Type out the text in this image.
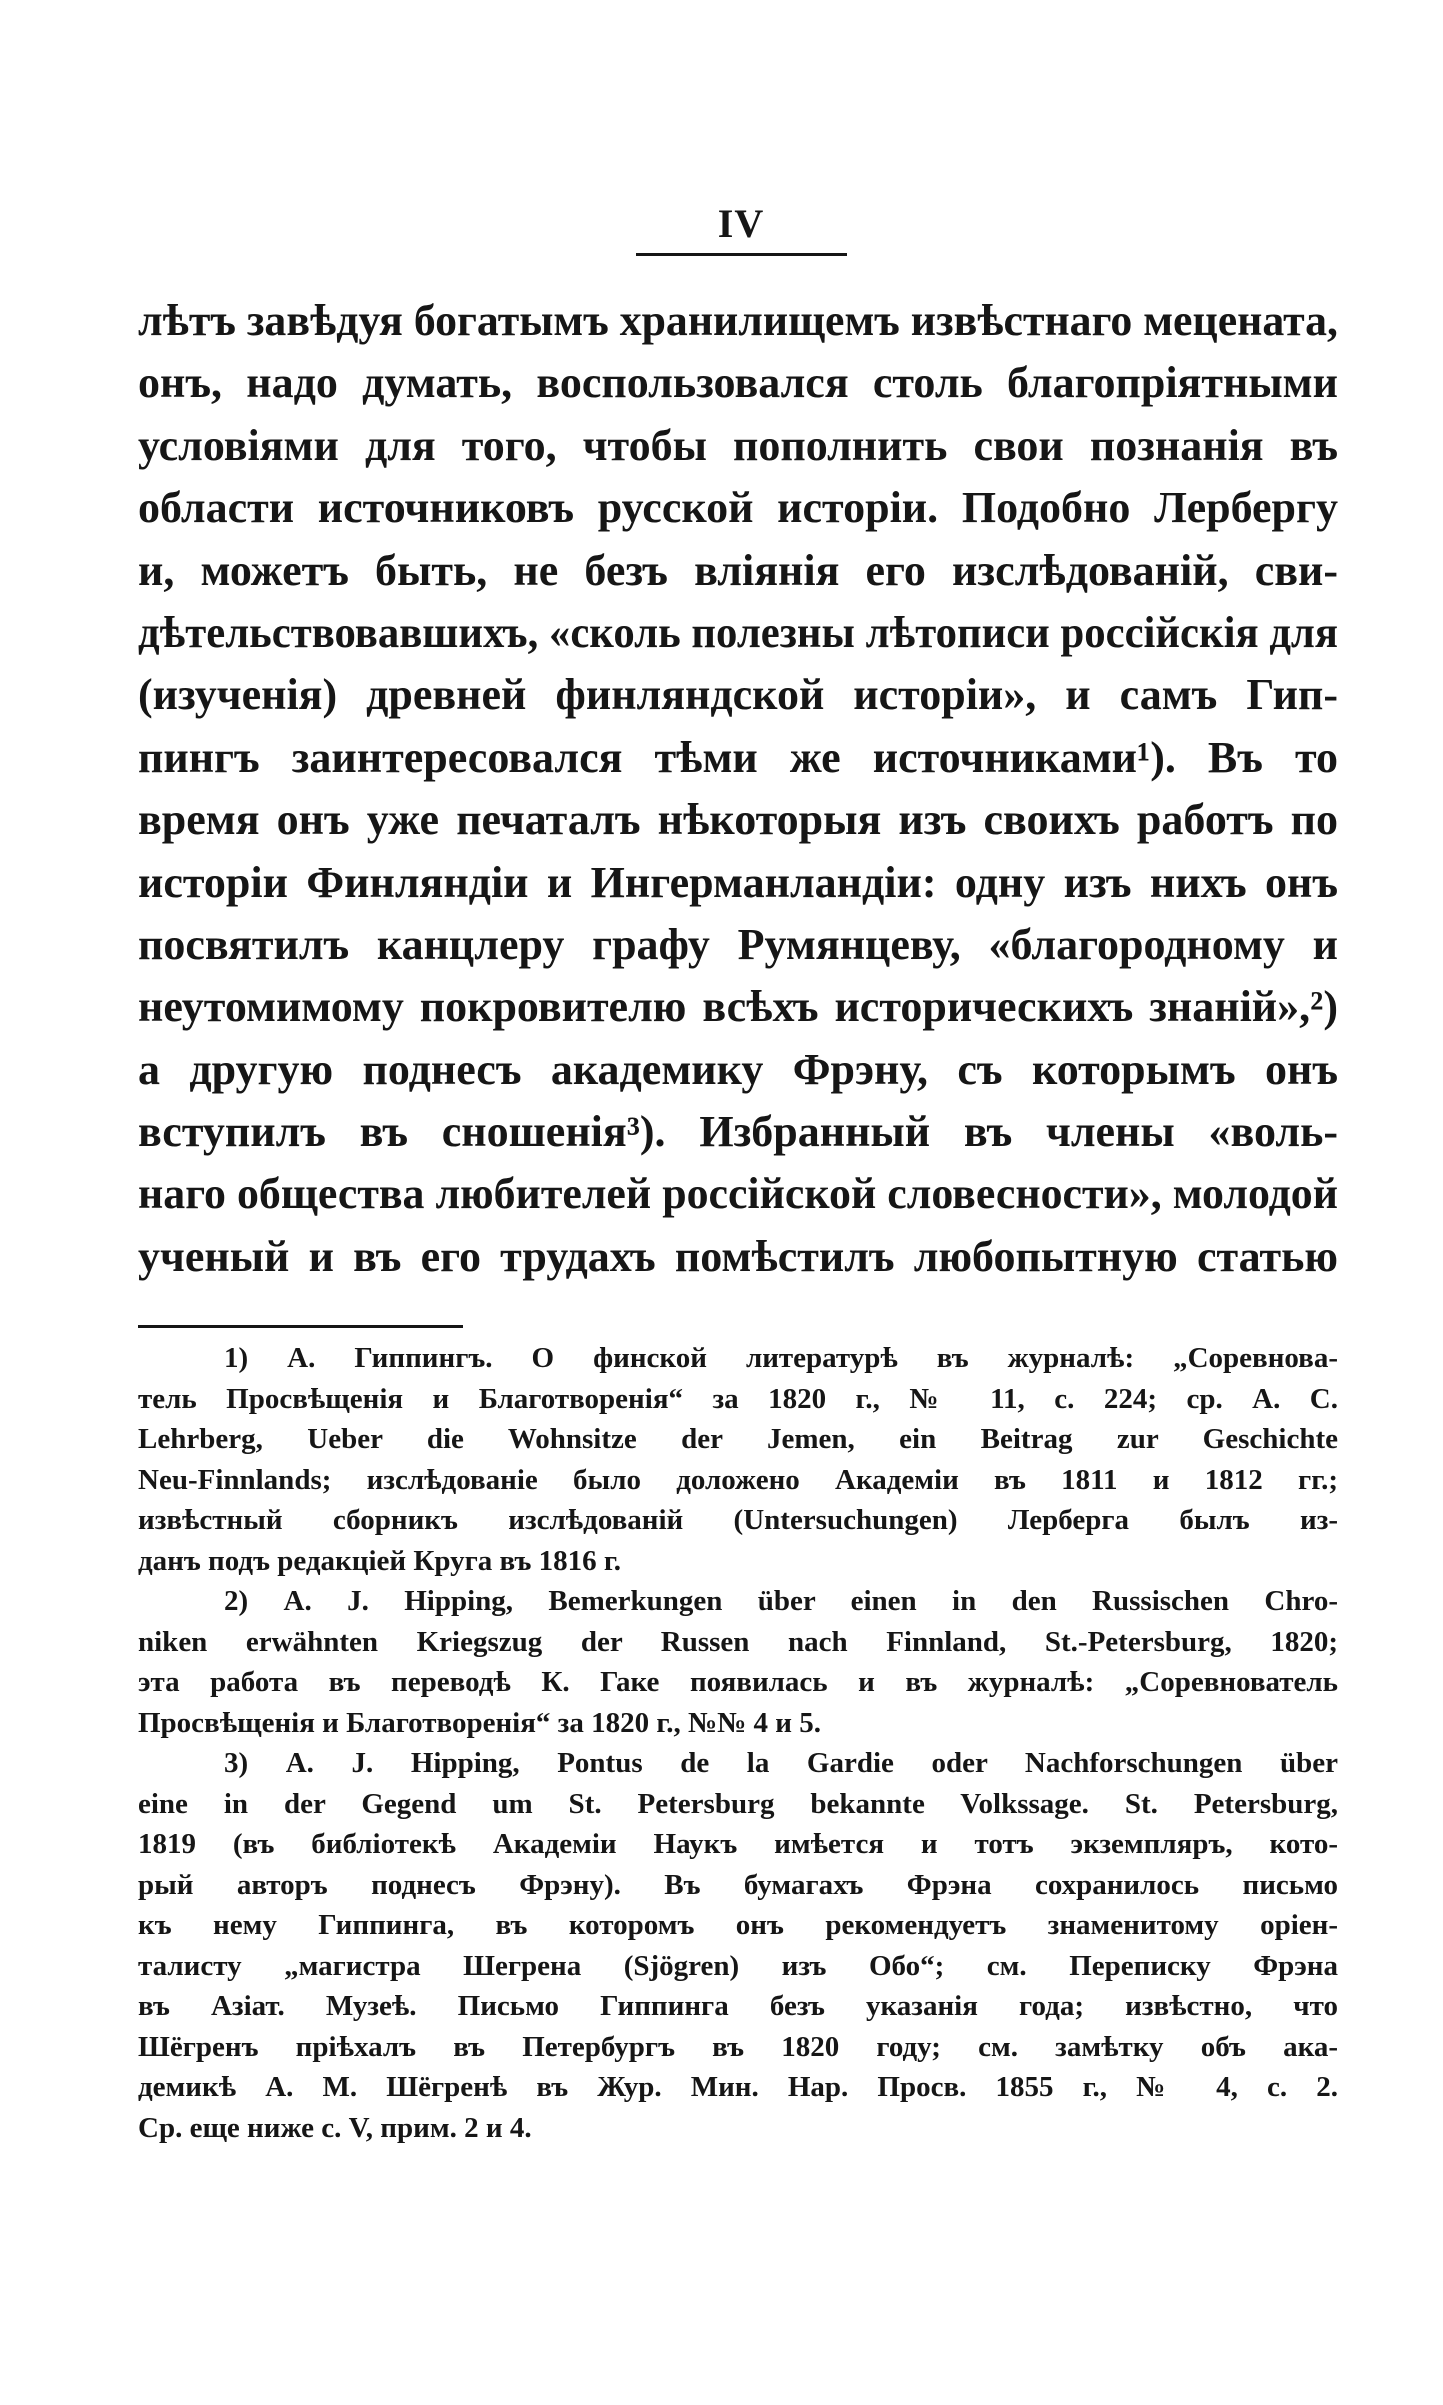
IV
лѣтъ завѣдуя богатымъ хранилищемъ извѣстнаго мецената,
онъ, надо думать, воспользовался столь благопріятными
условіями для того, чтобы пополнить свои познанія въ
области источниковъ русской исторіи. Подобно Лербергу
и, можетъ быть, не безъ вліянія его изслѣдованій, сви-
дѣтельствовавшихъ, «сколь полезны лѣтописи россійскія для
(изученія) древней финляндской исторіи», и самъ Гип-
пингъ заинтересовался тѣми же источниками¹). Въ то
время онъ уже печаталъ нѣкоторыя изъ своихъ работъ по
исторіи Финляндіи и Ингерманландіи: одну изъ нихъ онъ
посвятилъ канцлеру графу Румянцеву, «благородному и
неутомимому покровителю всѣхъ историческихъ знаній»,²)
а другую поднесъ академику Фрэну, съ которымъ онъ
вступилъ въ сношенія³). Избранный въ члены «воль-
наго общества любителей россійской словесности», молодой
ученый и въ его трудахъ помѣстилъ любопытную статью
1) А. Гиппингъ. О финской литературѣ въ журналѣ: „Соревнова-
тель Просвѣщенія и Благотворенія“ за 1820 г., № 11, с. 224; ср. А. С.
Lehrberg, Ueber die Wohnsitze der Jemen, ein Beitrag zur Geschichte
Neu-Finnlands; изслѣдованіе было доложено Академіи въ 1811 и 1812 гг.;
извѣстный сборникъ изслѣдованій (Untersuchungen) Лерберга былъ из-
данъ подъ редакціей Круга въ 1816 г.
2) А. J. Hipping, Bemerkungen über einen in den Russischen Chro-
niken erwähnten Kriegszug der Russen nach Finnland, St.-Petersburg, 1820;
эта работа въ переводѣ К. Гаке появилась и въ журналѣ: „Соревнователь
Просвѣщенія и Благотворенія“ за 1820 г., №№ 4 и 5.
3) А. J. Hipping, Pontus de la Gardie oder Nachforschungen über
eine in der Gegend um St. Petersburg bekannte Volkssage. St. Petersburg,
1819 (въ библіотекѣ Академіи Наукъ имѣется и тотъ экземпляръ, кото-
рый авторъ поднесъ Фрэну). Въ бумагахъ Фрэна сохранилось письмо
къ нему Гиппинга, въ которомъ онъ рекомендуетъ знаменитому оріен-
талисту „магистра Шегрена (Sjögren) изъ Обо“; см. Переписку Фрэна
въ Азіат. Музеѣ. Письмо Гиппинга безъ указанія года; извѣстно, что
Шёгренъ пріѣхалъ въ Петербургъ въ 1820 году; см. замѣтку объ ака-
демикѣ А. М. Шёгренѣ въ Жур. Мин. Нар. Просв. 1855 г., № 4, с. 2.
Ср. еще ниже с. V, прим. 2 и 4.
